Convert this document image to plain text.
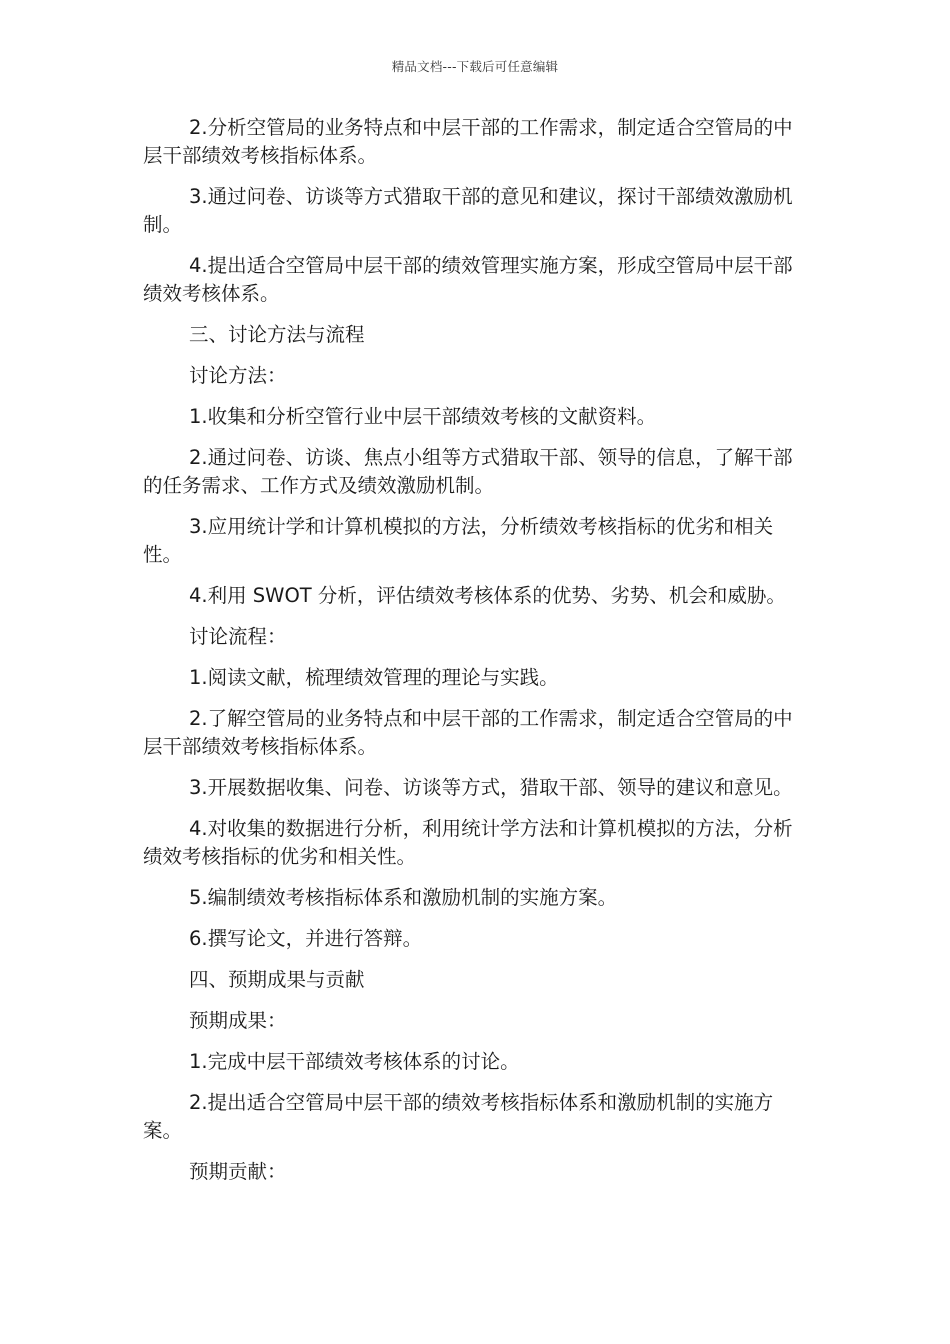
精品文档---下载后可任意编辑

2.分析空管局的业务特点和中层干部的工作需求，制定适合空管局的中层干部绩效考核指标体系。

3.通过问卷、访谈等方式猎取干部的意见和建议，探讨干部绩效激励机制。

4.提出适合空管局中层干部的绩效管理实施方案，形成空管局中层干部绩效考核体系。

三、讨论方法与流程

讨论方法：

1.收集和分析空管行业中层干部绩效考核的文献资料。

2.通过问卷、访谈、焦点小组等方式猎取干部、领导的信息，了解干部的任务需求、工作方式及绩效激励机制。

3.应用统计学和计算机模拟的方法，分析绩效考核指标的优劣和相关性。

4.利用 SWOT 分析，评估绩效考核体系的优势、劣势、机会和威胁。

讨论流程：

1.阅读文献，梳理绩效管理的理论与实践。

2.了解空管局的业务特点和中层干部的工作需求，制定适合空管局的中层干部绩效考核指标体系。

3.开展数据收集、问卷、访谈等方式，猎取干部、领导的建议和意见。

4.对收集的数据进行分析，利用统计学方法和计算机模拟的方法，分析绩效考核指标的优劣和相关性。

5.编制绩效考核指标体系和激励机制的实施方案。

6.撰写论文，并进行答辩。

四、预期成果与贡献

预期成果：

1.完成中层干部绩效考核体系的讨论。

2.提出适合空管局中层干部的绩效考核指标体系和激励机制的实施方案。

预期贡献：
